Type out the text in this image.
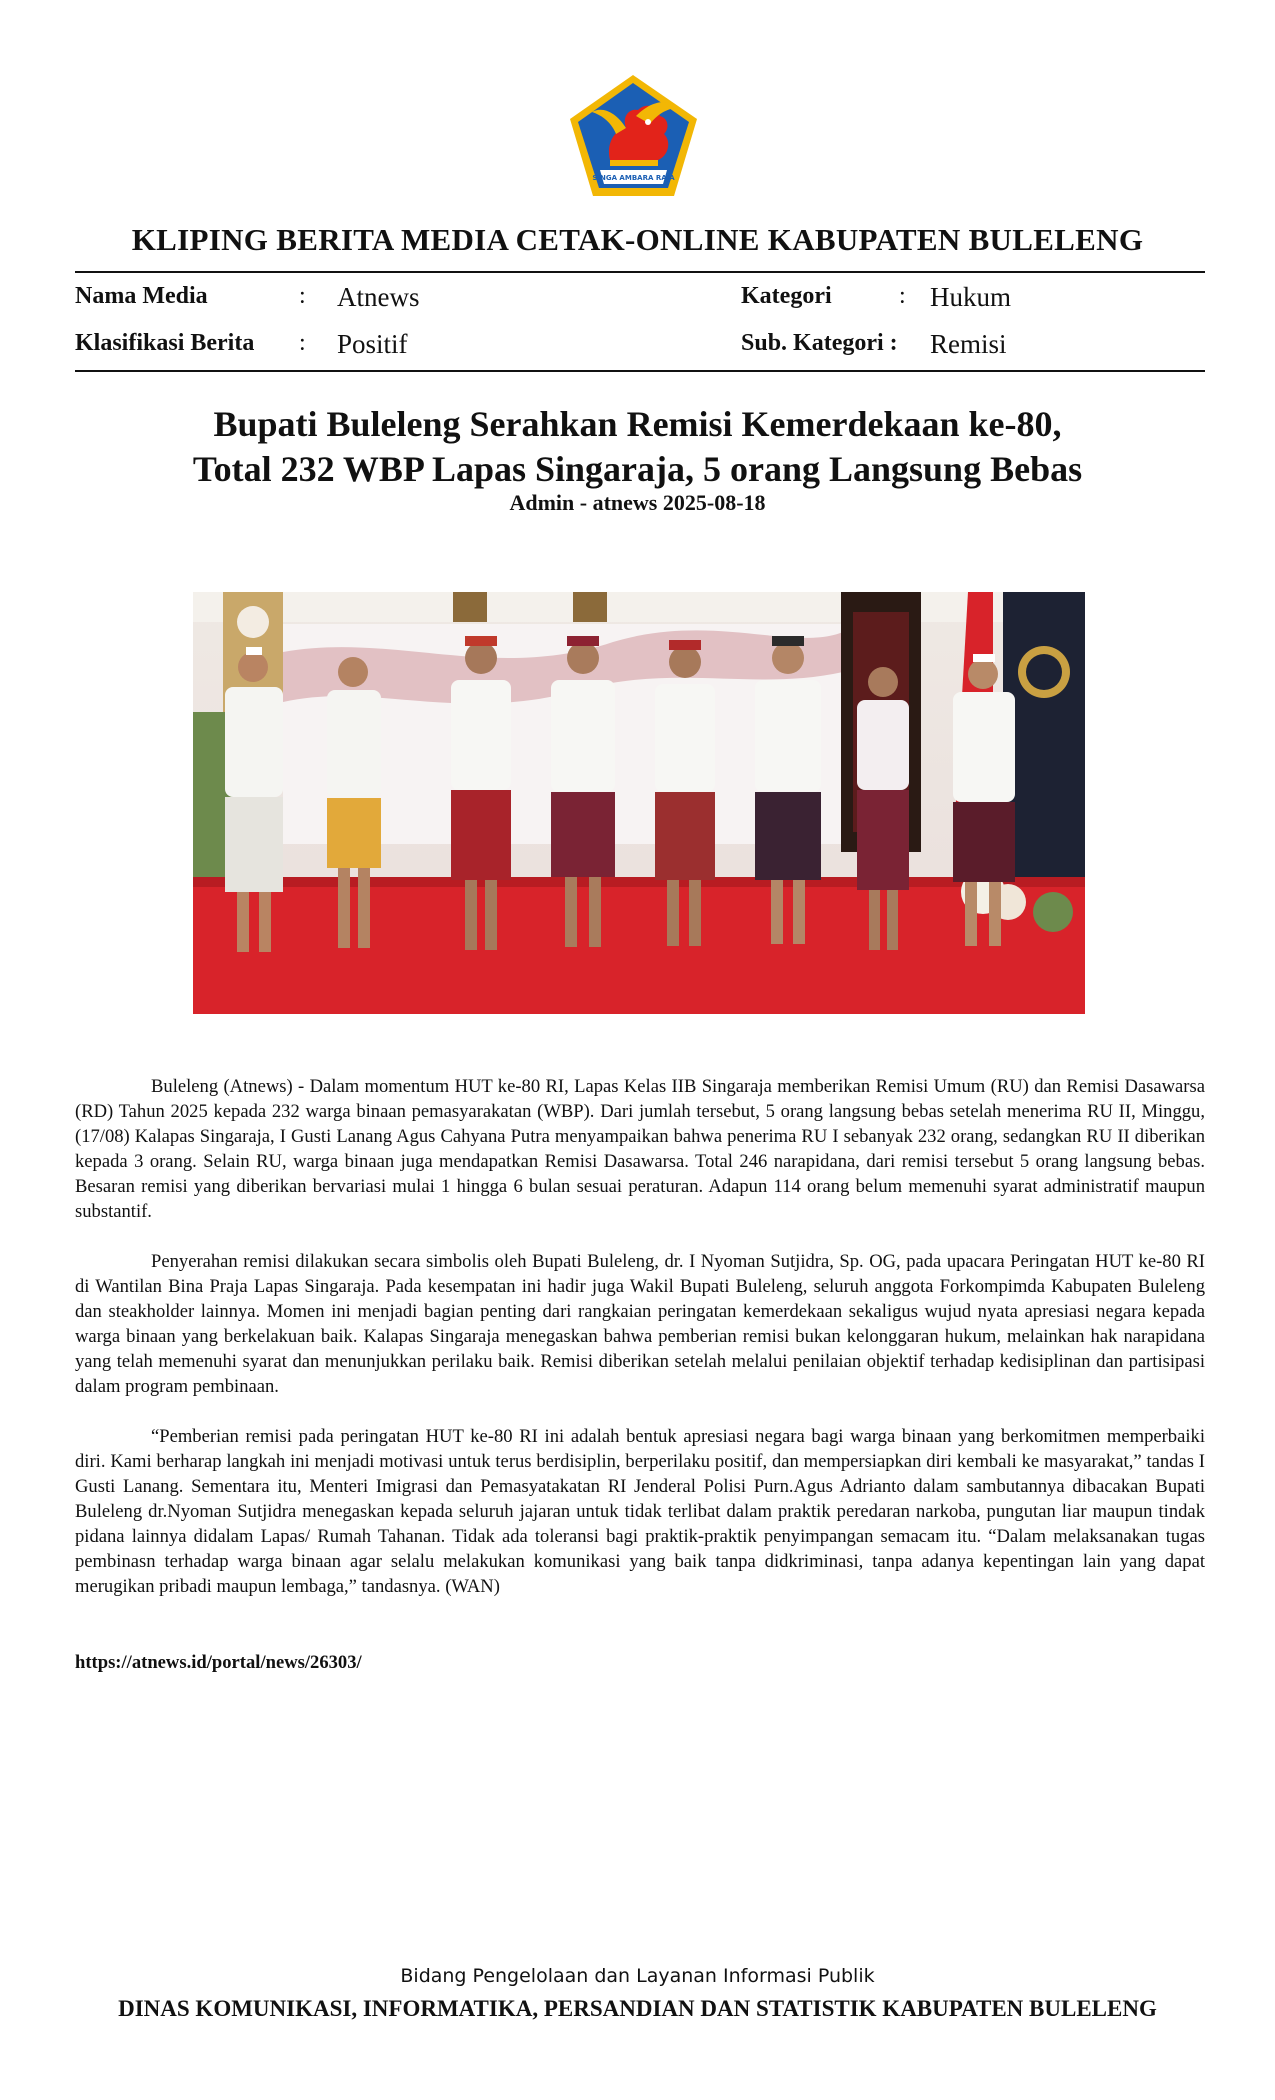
SINGA AMBARA RAJA
KLIPING BERITA MEDIA CETAK-ONLINE KABUPATEN BULELENG
Nama Media	: Atnews	Kategori	: Hukum
Klasifikasi Berita : Positif	Sub. Kategori : Remisi
Bupati Buleleng Serahkan Remisi Kemerdekaan ke-80,
Total 232 WBP Lapas Singaraja, 5 orang Langsung Bebas
Admin - atnews 2025-08-18

Buleleng (Atnews) - Dalam momentum HUT ke-80 RI, Lapas Kelas IIB Singaraja memberikan Remisi Umum (RU) dan Remisi Dasawarsa (RD) Tahun 2025 kepada 232 warga binaan pemasyarakatan (WBP). Dari jumlah tersebut, 5 orang langsung bebas setelah menerima RU II, Minggu, (17/08) Kalapas Singaraja, I Gusti Lanang Agus Cahyana Putra menyampaikan bahwa penerima RU I sebanyak 232 orang, sedangkan RU II diberikan kepada 3 orang. Selain RU, warga binaan juga mendapatkan Remisi Dasawarsa. Total 246 narapidana, dari remisi tersebut 5 orang langsung bebas. Besaran remisi yang diberikan bervariasi mulai 1 hingga 6 bulan sesuai peraturan. Adapun 114 orang belum memenuhi syarat administratif maupun substantif.

Penyerahan remisi dilakukan secara simbolis oleh Bupati Buleleng, dr. I Nyoman Sutjidra, Sp. OG, pada upacara Peringatan HUT ke-80 RI di Wantilan Bina Praja Lapas Singaraja. Pada kesempatan ini hadir juga Wakil Bupati Buleleng, seluruh anggota Forkompimda Kabupaten Buleleng dan steakholder lainnya. Momen ini menjadi bagian penting dari rangkaian peringatan kemerdekaan sekaligus wujud nyata apresiasi negara kepada warga binaan yang berkelakuan baik. Kalapas Singaraja menegaskan bahwa pemberian remisi bukan kelonggaran hukum, melainkan hak narapidana yang telah memenuhi syarat dan menunjukkan perilaku baik. Remisi diberikan setelah melalui penilaian objektif terhadap kedisiplinan dan partisipasi dalam program pembinaan.

“Pemberian remisi pada peringatan HUT ke-80 RI ini adalah bentuk apresiasi negara bagi warga binaan yang berkomitmen memperbaiki diri. Kami berharap langkah ini menjadi motivasi untuk terus berdisiplin, berperilaku positif, dan mempersiapkan diri kembali ke masyarakat,” tandas I Gusti Lanang. Sementara itu, Menteri Imigrasi dan Pemasyatakatan RI Jenderal Polisi Purn.Agus Adrianto dalam sambutannya dibacakan Bupati Buleleng dr.Nyoman Sutjidra menegaskan kepada seluruh jajaran untuk tidak terlibat dalam praktik peredaran narkoba, pungutan liar maupun tindak pidana lainnya didalam Lapas/ Rumah Tahanan. Tidak ada toleransi bagi praktik-praktik penyimpangan semacam itu. “Dalam melaksanakan tugas pembinasn terhadap warga binaan agar selalu melakukan komunikasi yang baik tanpa didkriminasi, tanpa adanya kepentingan lain yang dapat merugikan pribadi maupun lembaga,” tandasnya. (WAN)

https://atnews.id/portal/news/26303/
Bidang Pengelolaan dan Layanan Informasi Publik
DINAS KOMUNIKASI, INFORMATIKA, PERSANDIAN DAN STATISTIK KABUPATEN BULELENG
